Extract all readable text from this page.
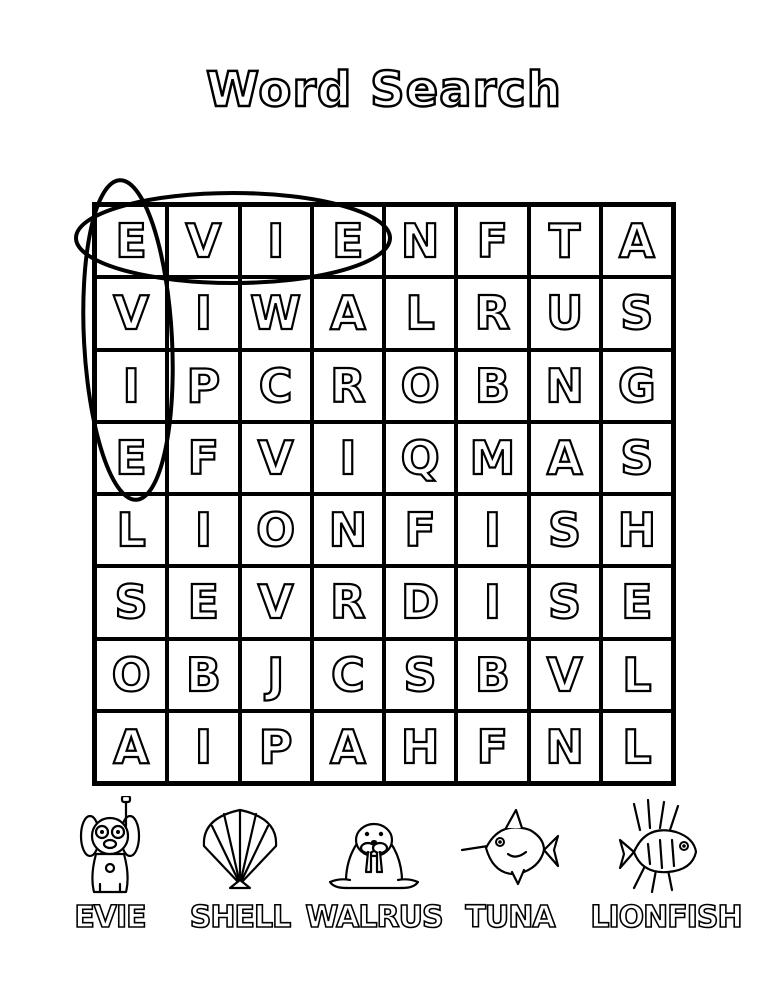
Word Search
E V I	E N F T A
V I W A L R U S
I	P C R O B N G
E F V I Q M A S
L	I O N F	I	S H
S E V R D I	S E
O B	J	C S B V L
A I	P A H F N L
EVIE	SHELL WALRUS TUNA	LIONFISH
